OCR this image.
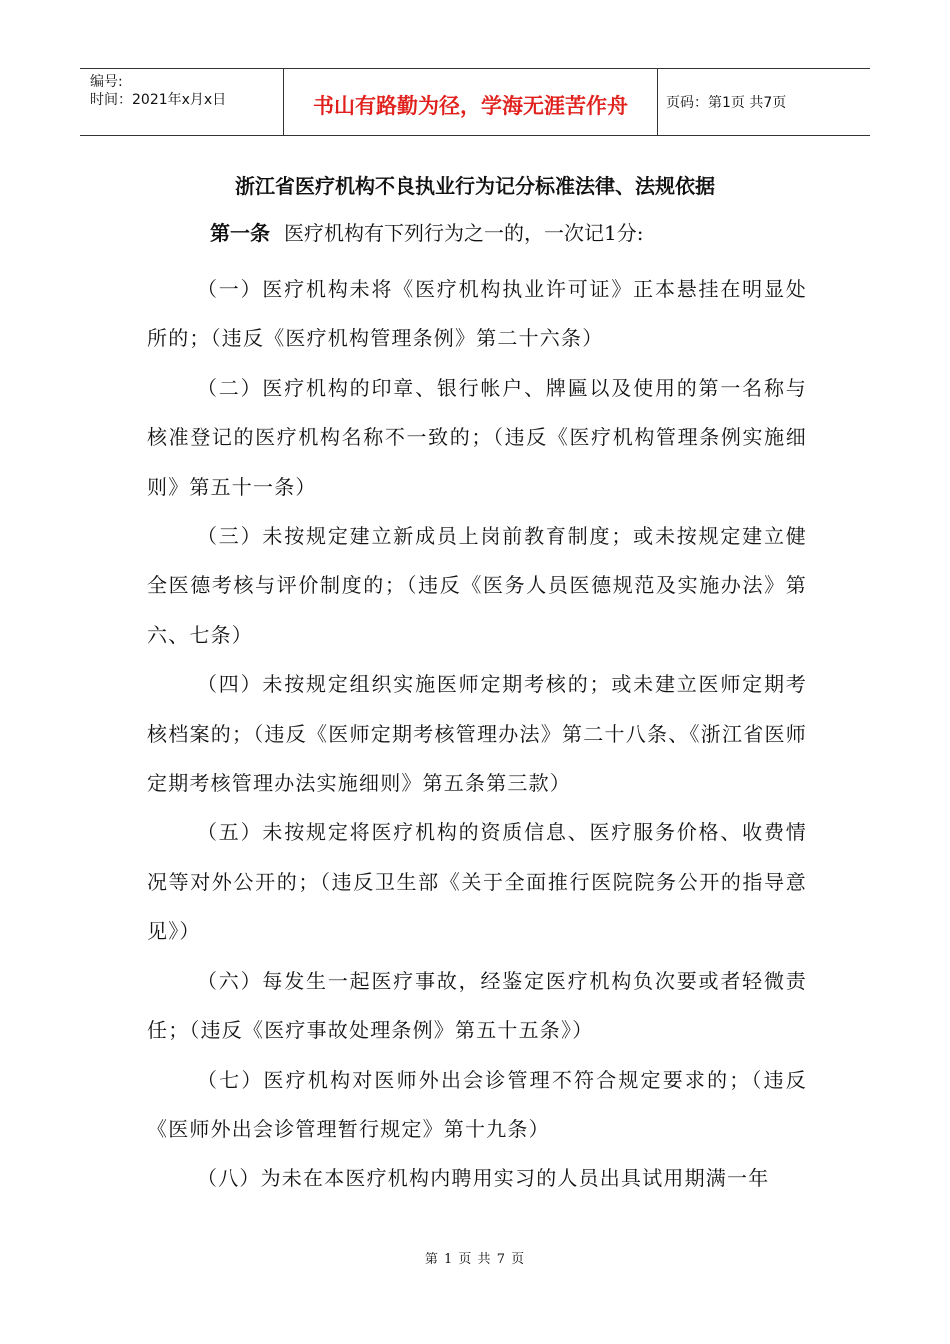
编号:
时间：2021年x月x日	书山有路勤为径，学海无涯苦作舟	页码：第1页 共7页
浙江省医疗机构不良执业行为记分标准法律、法规依据
第一条 医疗机构有下列行为之一的，一次记1分:

（一）医疗机构未将《医疗机构执业许可证》正本悬挂在明显处所的；（违反《医疗机构管理条例》第二十六条）

（二）医疗机构的印章、银行帐户、牌匾以及使用的第一名称与核准登记的医疗机构名称不一致的；（违反《医疗机构管理条例实施细则》第五十一条）

（三）未按规定建立新成员上岗前教育制度；或未按规定建立健全医德考核与评价制度的；（违反《医务人员医德规范及实施办法》第六、七条）

（四）未按规定组织实施医师定期考核的；或未建立医师定期考核档案的；（违反《医师定期考核管理办法》第二十八条、《浙江省医师定期考核管理办法实施细则》第五条第三款）

（五）未按规定将医疗机构的资质信息、医疗服务价格、收费情况等对外公开的；（违反卫生部《关于全面推行医院院务公开的指导意见》）

（六）每发生一起医疗事故，经鉴定医疗机构负次要或者轻微责任；（违反《医疗事故处理条例》第五十五条》）

（七）医疗机构对医师外出会诊管理不符合规定要求的；（违反《医师外出会诊管理暂行规定》第十九条）

（八）为未在本医疗机构内聘用实习的人员出具试用期满一年

第 1 页 共 7 页
